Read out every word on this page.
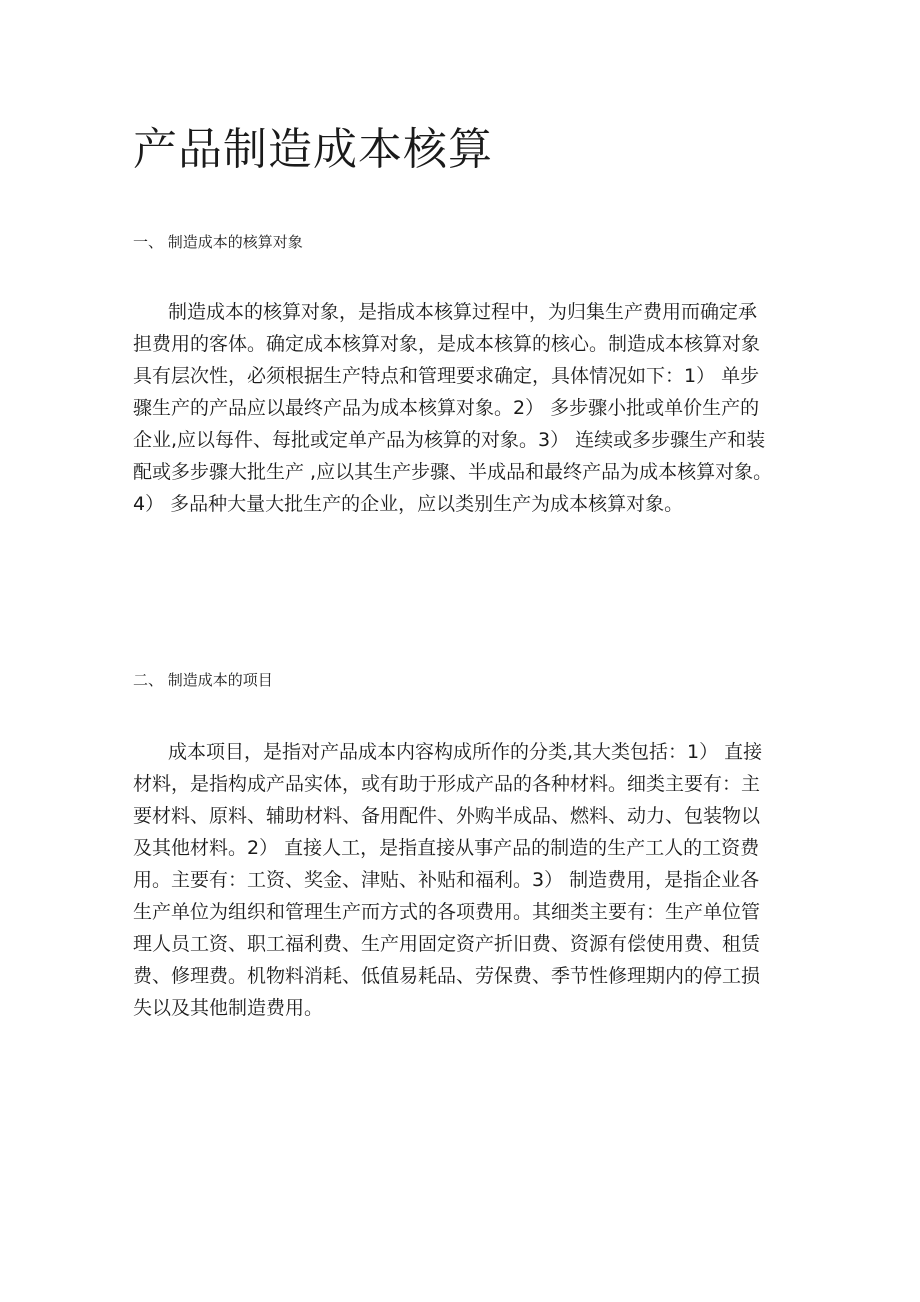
产品制造成本核算
一、 制造成本的核算对象
制造成本的核算对象，是指成本核算过程中，为归集生产费用而确定承
担费用的客体。确定成本核算对象，是成本核算的核心。制造成本核算对象
具有层次性，必须根据生产特点和管理要求确定，具体情况如下：1） 单步
骤生产的产品应以最终产品为成本核算对象。2） 多步骤小批或单价生产的
企业,应以每件、每批或定单产品为核算的对象。3） 连续或多步骤生产和装
配或多步骤大批生产 ,应以其生产步骤、半成品和最终产品为成本核算对象。
4） 多品种大量大批生产的企业，应以类别生产为成本核算对象。
二、 制造成本的项目
成本项目，是指对产品成本内容构成所作的分类,其大类包括：1） 直接
材料，是指构成产品实体，或有助于形成产品的各种材料。细类主要有：主
要材料、原料、辅助材料、备用配件、外购半成品、燃料、动力、包装物以
及其他材料。2） 直接人工，是指直接从事产品的制造的生产工人的工资费
用。主要有：工资、奖金、津贴、补贴和福利。3） 制造费用，是指企业各
生产单位为组织和管理生产而方式的各项费用。其细类主要有：生产单位管
理人员工资、职工福利费、生产用固定资产折旧费、资源有偿使用费、租赁
费、修理费。机物料消耗、低值易耗品、劳保费、季节性修理期内的停工损
失以及其他制造费用。
